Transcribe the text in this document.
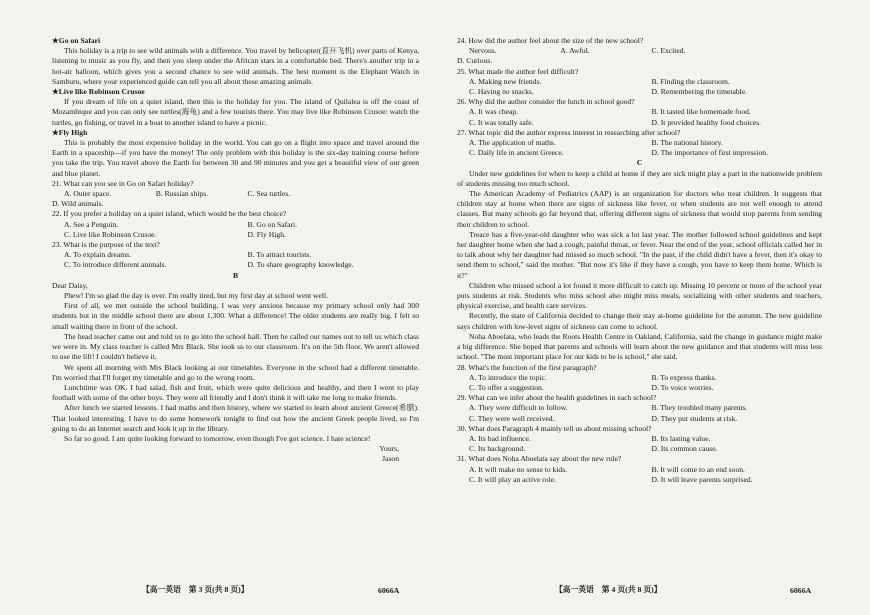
★Go on Safari

This holiday is a trip to see wild animals with a difference. You travel by helicopter(直升飞机) over parts of Kenya, listening to music as you fly, and then you sleep under the African stars in a comfortable bed. There's another trip in a hot-air balloon, which gives you a second chance to see wild animals. The best moment is the Elephant Watch in Samburu, where your experienced guide can tell you all about these amazing animals.

★Live like Robinson Crusoe

If you dream of life on a quiet island, then this is the holiday for you. The island of Quilalea is off the coast of Mozambique and you can only see turtles(海龟) and a few tourists there. You may live like Robinson Crusoe: watch the turtles, go fishing, or travel in a boat to another island to have a picnic.

★Fly High

This is probably the most expensive holiday in the world. You can go on a flight into space and travel around the Earth in a spaceship—if you have the money! The only problem with this holiday is the six-day training course before you take the trip. You travel above the Earth for between 30 and 90 minutes and you get a beautiful view of our green and blue planet.

21. What can you see in Go on Safari holiday?
A. Outer space.	B. Russian ships.	C. Sea turtles.
D. Wild animals.
22. If you prefer a holiday on a quiet island, which would be the best choice?
A. See a Penguin.	B. Go on Safari.
C. Live like Robinson Crusoe.	D. Fly High.
23. What is the purpose of the text?
A. To explain dreams.	B. To attract tourists.
C. To introduce different animals.	D. To share geography knowledge.
B

Dear Daisy,

Phew! I'm so glad the day is over. I'm really tired, but my first day at school went well.

First of all, we met outside the school building. I was very anxious because my primary school only had 300 students but in the middle school there are about 1,300. What a difference! The older students are really big. I felt so small waiting there in front of the school.

The head teacher came out and told us to go into the school hall. Then he called our names out to tell us which class we were in. My class teacher is called Mrs Black. She took us to our classroom. It's on the 5th floor. We aren't allowed to use the lift! I couldn't believe it.

We spent all morning with Mrs Black looking at our timetables. Everyone in the school had a different timetable. I'm worried that I'll forget my timetable and go to the wrong room.

Lunchtime was OK. I had salad, fish and fruit, which were quite delicious and healthy, and then I went to play football with some of the other boys. They were all friendly and I don't think it will take me long to make friends.

After lunch we started lessons. I had maths and then history, where we started to learn about ancient Greece(希腊). That looked interesting. I have to do some homework tonight to find out how the ancient Greek people lived, so I'm going to do an Internet search and look it up in the library.

So far so good. I am quite looking forward to tomorrow, even though I've got science. I hate science!

Yours,
Jason
【高一英语　第 3 页(共 8 页)】	6066A
24. How did the author feel about the size of the new school?
Nervous.	A. Awful.	C. Excited.
D. Curious.
25. What made the author feel difficult?
A. Making new friends.	B. Finding the classroom.
C. Having no snacks.	D. Remembering the timetable.
26. Why did the author consider the lunch in school good?
A. It was cheap.	B. It tasted like homemade food.
C. It was totally safe.	D. It provided healthy food choices.
27. What topic did the author express interest in researching after school?
A. The application of maths.	B. The national history.
C. Daily life in ancient Greece.	D. The importance of first impression.
C

Under new guidelines for when to keep a child at home if they are sick might play a part in the nationwide problem of students missing too much school.

The American Academy of Pediatrics (AAP) is an organization for doctors who treat children. It suggests that children stay at home when there are signs of sickness like fever, or when students are not well enough to attend classes. But many schools go far beyond that, offering different signs of sickness that would stop parents from sending their children to school.

Treace has a five-year-old daughter who was sick a lot last year. The mother followed school guidelines and kept her daughter home when she had a cough, painful throat, or fever. Near the end of the year, school officials called her in to talk about why her daughter had missed so much school. "In the past, if the child didn't have a fever, then it's okay to send them to school," said the mother. "But now it's like if they have a cough, you have to keep them home. Which is it?"

Children who missed school a lot found it more difficult to catch up. Missing 10 percent or more of the school year puts students at risk. Students who miss school also might miss meals, socializing with other students and teachers, physical exercise, and health care services.

Recently, the state of California decided to change their stay at-home guideline for the autumn. The new guideline says children with low-level signs of sickness can come to school.

Noha Aboelata, who leads the Roots Health Centre in Oakland, California, said the change in guidance might make a big difference. She hoped that parents and schools will learn about the new guidance and that students will miss less school. "The most important place for our kids to be is school," she said.

28. What's the function of the first paragraph?
A. To introduce the topic.	B. To express thanks.
C. To offer a suggestion.	D. To voice worries.
29. What can we infer about the health guidelines in each school?
A. They were difficult to follow.	B. They troubled many parents.
C. They were well received.	D. They put students at risk.
30. What does Paragraph 4 mainly tell us about missing school?
A. Its bad influence.	B. Its lasting value.
C. Its background.	D. Its common cause.
31. What does Noha Aboelata say about the new rule?
A. It will make no sense to kids.	B. It will come to an end soon.
C. It will play an active role.	D. It will leave parents surprised.
【高一英语　第 4 页(共 8 页)】	6066A
